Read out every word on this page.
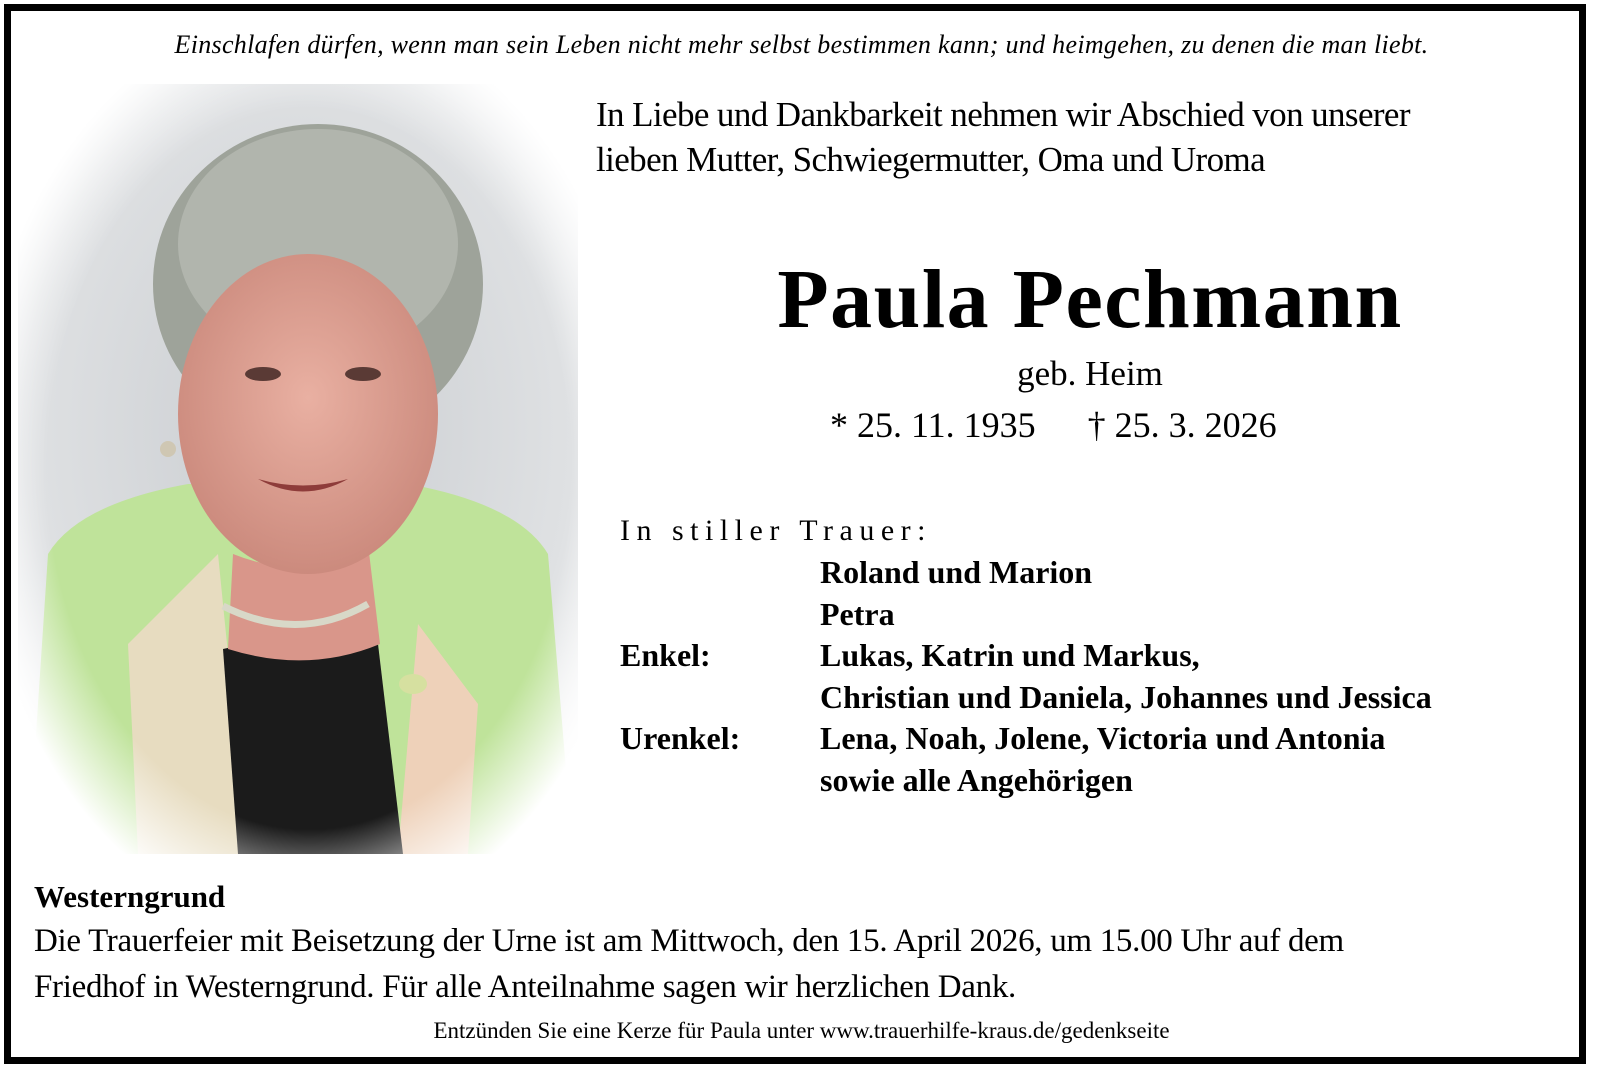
Einschlafen dürfen, wenn man sein Leben nicht mehr selbst bestimmen kann; und heimgehen, zu denen die man liebt.
In Liebe und Dankbarkeit nehmen wir Abschied von unserer
lieben Mutter, Schwiegermutter, Oma und Uroma
Paula Pechmann
geb. Heim
* 25. 11. 1935 † 25. 3. 2026
In stiller Trauer:
Roland und Marion
Petra
Enkel:	Lukas, Katrin und Markus,
Christian und Daniela, Johannes und Jessica
Urenkel:	Lena, Noah, Jolene, Victoria und Antonia
sowie alle Angehörigen
Westerngrund
Die Trauerfeier mit Beisetzung der Urne ist am Mittwoch, den 15. April 2026, um 15.00 Uhr auf dem
Friedhof in Westerngrund. Für alle Anteilnahme sagen wir herzlichen Dank.
Entzünden Sie eine Kerze für Paula unter www.trauerhilfe-kraus.de/gedenkseite
